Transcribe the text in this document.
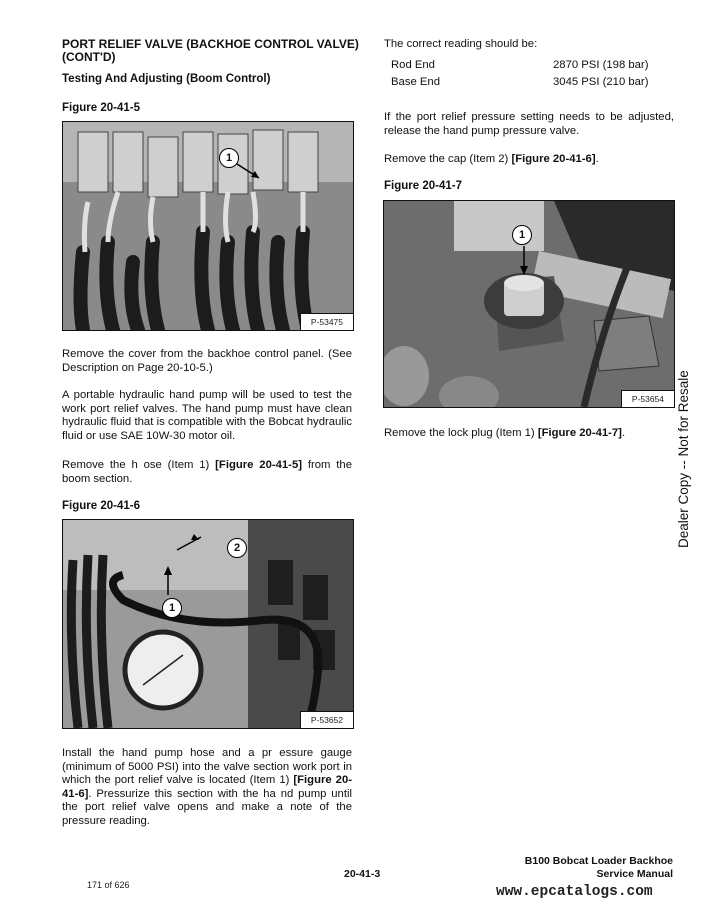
PORT RELIEF VALVE (BACKHOE CONTROL VALVE)
(CONT'D)
Testing And Adjusting (Boom Control)
Figure 20-41-5
1
P-53475
Remove the cover from the backhoe control panel. (See Description on Page 20-10-5.)
A portable hydraulic hand pump will be used to test the work port relief valves. The hand pump must have clean hydraulic fluid that is compatible with the Bobcat hydraulic fluid or use SAE 10W-30 motor oil.
Remove the h ose (Item 1) [Figure 20-41-5] from the boom section.
Figure 20-41-6
2
1
P-53652
Install the hand pump hose and a pr essure gauge (minimum of 5000 PSI) into the valve section work port in which the port relief valve is located (Item 1) [Figure 20-41-6]. Pressurize this section with the ha nd pump until the port relief valve opens and make a note of the pressure reading.
The correct reading should be:
Rod End	2870 PSI (198 bar)
Base End	3045 PSI (210 bar)
If the port relief pressure setting needs to be adjusted, release the hand pump pressure valve.
Remove the cap (Item 2) [Figure 20-41-6].
Figure 20-41-7
1
P-53654
Remove the lock plug (Item 1) [Figure 20-41-7].	Dealer Copy -- Not for Resale
171 of 626
20-41-3
B100 Bobcat Loader Backhoe
Service Manual
www.epcatalogs.com
